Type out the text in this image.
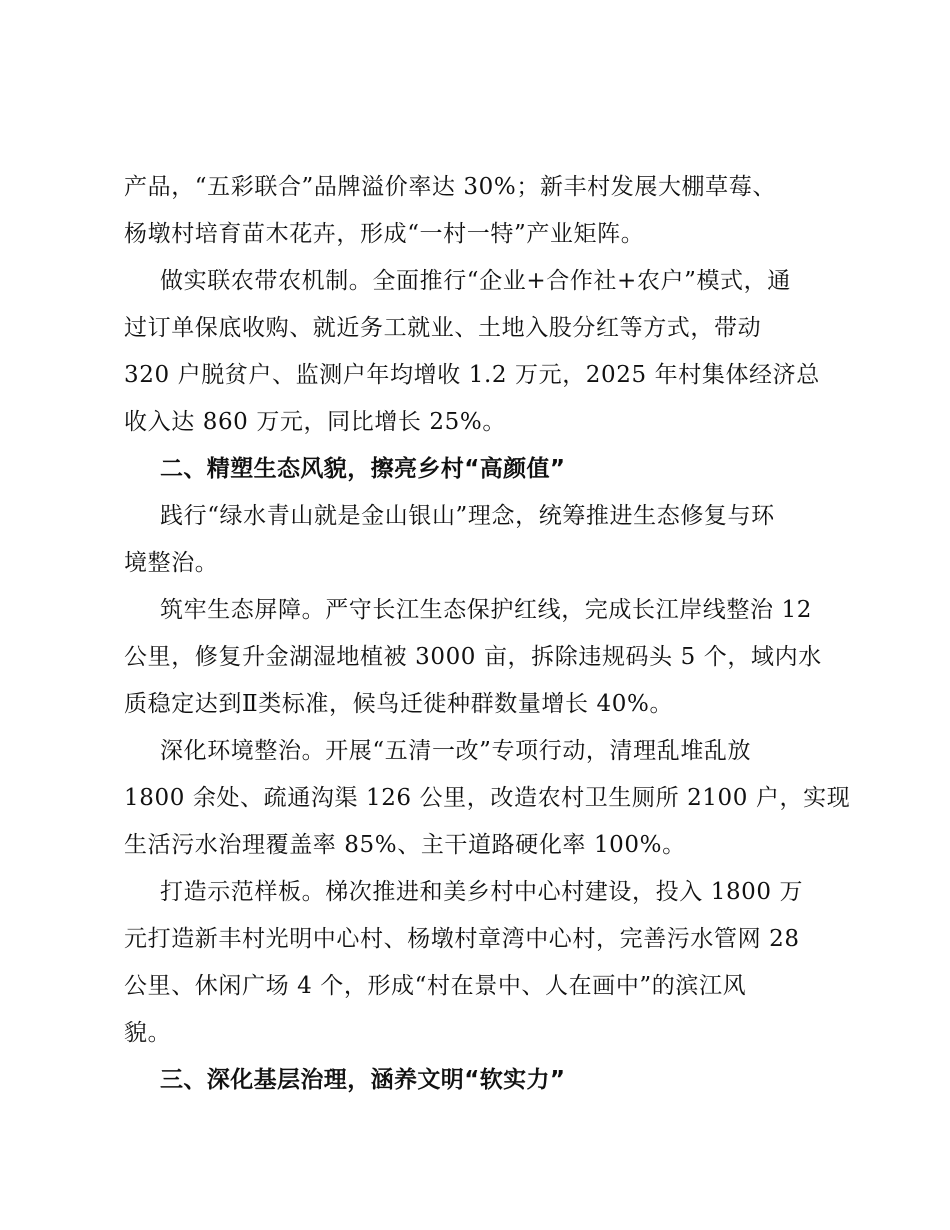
产品，“五彩联合”品牌溢价率达 30%；新丰村发展大棚草莓、
杨墩村培育苗木花卉，形成“一村一特”产业矩阵。
做实联农带农机制。全面推行“企业+合作社+农户”模式，通
过订单保底收购、就近务工就业、土地入股分红等方式，带动
320 户脱贫户、监测户年均增收 1.2 万元，2025 年村集体经济总
收入达 860 万元，同比增长 25%。
二、精塑生态风貌，擦亮乡村“高颜值”
践行“绿水青山就是金山银山”理念，统筹推进生态修复与环
境整治。
筑牢生态屏障。严守长江生态保护红线，完成长江岸线整治 12
公里，修复升金湖湿地植被 3000 亩，拆除违规码头 5 个，域内水
质稳定达到Ⅱ类标准，候鸟迁徙种群数量增长 40%。
深化环境整治。开展“五清一改”专项行动，清理乱堆乱放
1800 余处、疏通沟渠 126 公里，改造农村卫生厕所 2100 户，实现
生活污水治理覆盖率 85%、主干道路硬化率 100%。
打造示范样板。梯次推进和美乡村中心村建设，投入 1800 万
元打造新丰村光明中心村、杨墩村章湾中心村，完善污水管网 28
公里、休闲广场 4 个，形成“村在景中、人在画中”的滨江风
貌。
三、深化基层治理，涵养文明“软实力”
